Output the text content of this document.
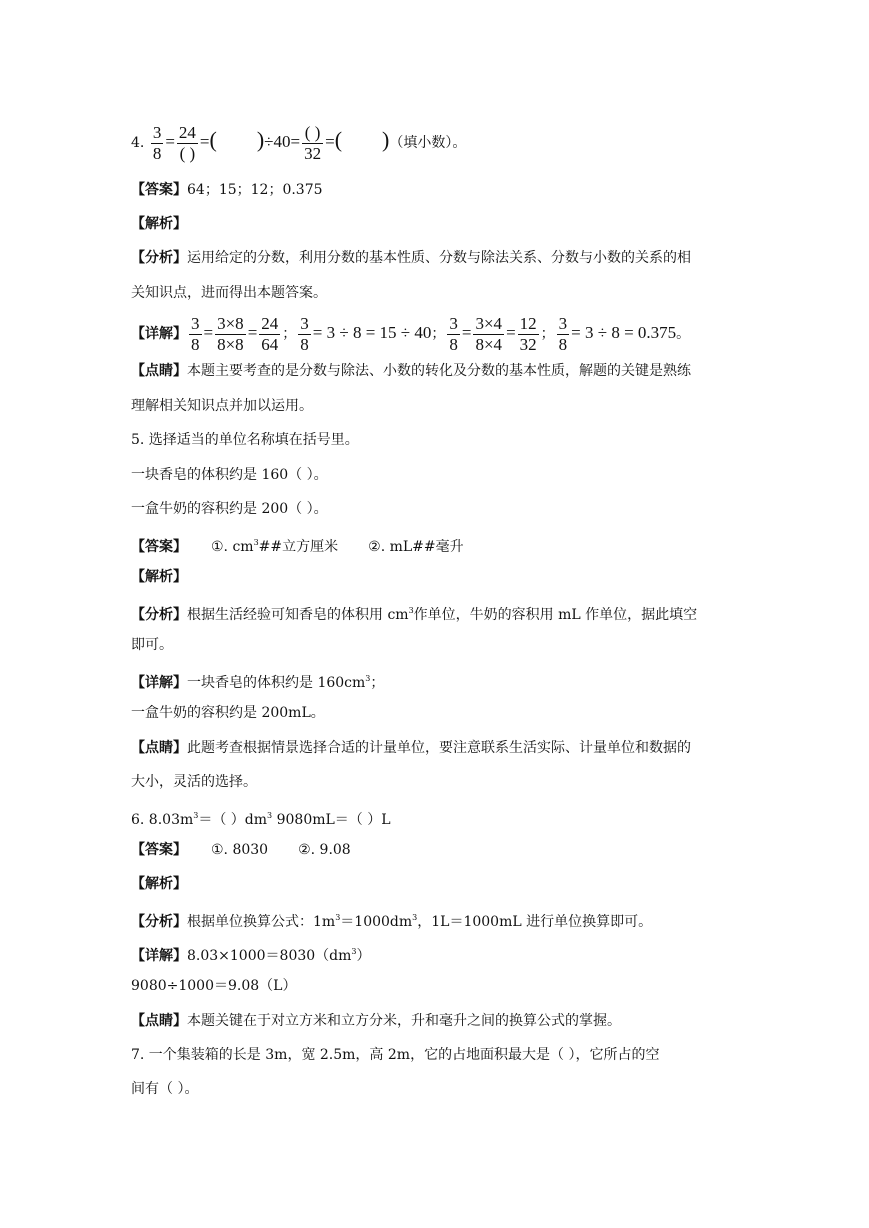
4. $\frac{3}{8} = \frac{24}{( )}$ =( )$\div 40= \frac{( )}{32}$ =( )（填小数）。
【答案】64；15；12；0.375
【解析】
【分析】运用给定的分数，利用分数的基本性质、分数与除法关系、分数与小数的关系的相
关知识点，进而得出本题答案。
【详解】 $\frac{3}{8} = \frac{3\times 8}{8\times 8} = \frac{24}{64}$ ； $\frac{3}{8} = 3 \div 8 = 15 \div 40$； $\frac{3}{8} = \frac{3\times 4}{8\times 4} = \frac{12}{32}$ ； $\frac{3}{8} = 3 \div 8 = 0.375$。
【点睛】本题主要考查的是分数与除法、小数的转化及分数的基本性质，解题的关键是熟练
理解相关知识点并加以运用。
5. 选择适当的单位名称填在括号里。
一块香皂的体积约是 160（ ）。
一盒牛奶的容积约是 200（ ）。
【答案】 ①. $cm^3\#\#$立方厘米 ②. mL##毫升
【解析】
【分析】根据生活经验可知香皂的体积用 $cm^3$作单位，牛奶的容积用 mL 作单位，据此填空
即可。
【详解】一块香皂的体积约是 $160cm^3$；
一盒牛奶的容积约是 200mL。
【点睛】此题考查根据情景选择合适的计量单位，要注意联系生活实际、计量单位和数据的
大小，灵活的选择。
6. $8.03m^3=$（ ）$dm^3$ 9080mL＝（ ）L
【答案】 ①. 8030 ②. 9.08
【解析】
【分析】根据单位换算公式：$1m^3=1000dm^3$，1L＝1000mL 进行单位换算即可。
【详解】$8.03\times 1000=8030(dm^3)$
9080÷1000＝9.08（L）
【点睛】本题关键在于对立方米和立方分米，升和毫升之间的换算公式的掌握。
7. 一个集装箱的长是 3m，宽 2.5m，高 2m，它的占地面积最大是（ ），它所占的空
间有（ ）。
